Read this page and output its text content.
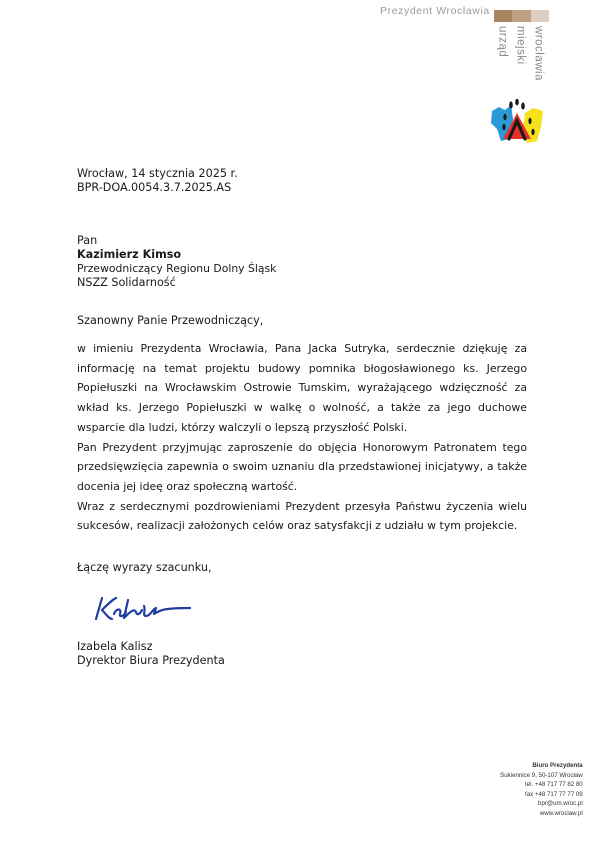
Prezydent Wrocławia
urząd miejski wrocławia
Wrocław, 14 stycznia 2025 r.
BPR-DOA.0054.3.7.2025.AS
Pan
Kazimierz Kimso
Przewodniczący Regionu Dolny Śląsk
NSZZ Solidarność
Szanowny Panie Przewodniczący,

w imieniu Prezydenta Wrocławia, Pana Jacka Sutryka, serdecznie dziękuję za informację na temat projektu budowy pomnika błogosławionego ks. Jerzego Popiełuszki na Wrocławskim Ostrowie Tumskim, wyrażającego wdzięczność za wkład ks. Jerzego Popiełuszki w walkę o wolność, a także za jego duchowe wsparcie dla ludzi, którzy walczyli o lepszą przyszłość Polski.

Pan Prezydent przyjmując zaproszenie do objęcia Honorowym Patronatem tego przedsięwzięcia zapewnia o swoim uznaniu dla przedstawionej inicjatywy, a także docenia jej ideę oraz społeczną wartość.

Wraz z serdecznymi pozdrowieniami Prezydent przesyła Państwu życzenia wielu sukcesów, realizacji założonych celów oraz satysfakcji z udziału w tym projekcie.

Łączę wyrazy szacunku,
Izabela Kalisz
Dyrektor Biura Prezydenta
Biuro Prezydenta
Sukiennice 9, 50-107 Wrocław
tel. +48 717 77 82 80
fax +48 717 77 77 09
bpr@um.wroc.pl
www.wroclaw.pl
